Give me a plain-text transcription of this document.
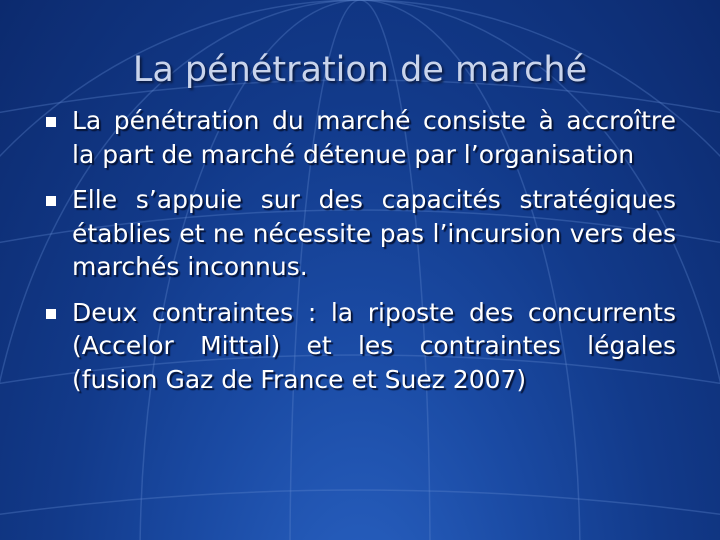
La pénétration de marché
La pénétration du marché consiste à accroître la part de marché détenue par l’organisation
Elle s’appuie sur des capacités stratégiques établies et ne nécessite pas l’incursion vers des marchés inconnus.
Deux contraintes : la riposte des concurrents (Accelor Mittal) et les contraintes légales (fusion Gaz de France et Suez 2007)
